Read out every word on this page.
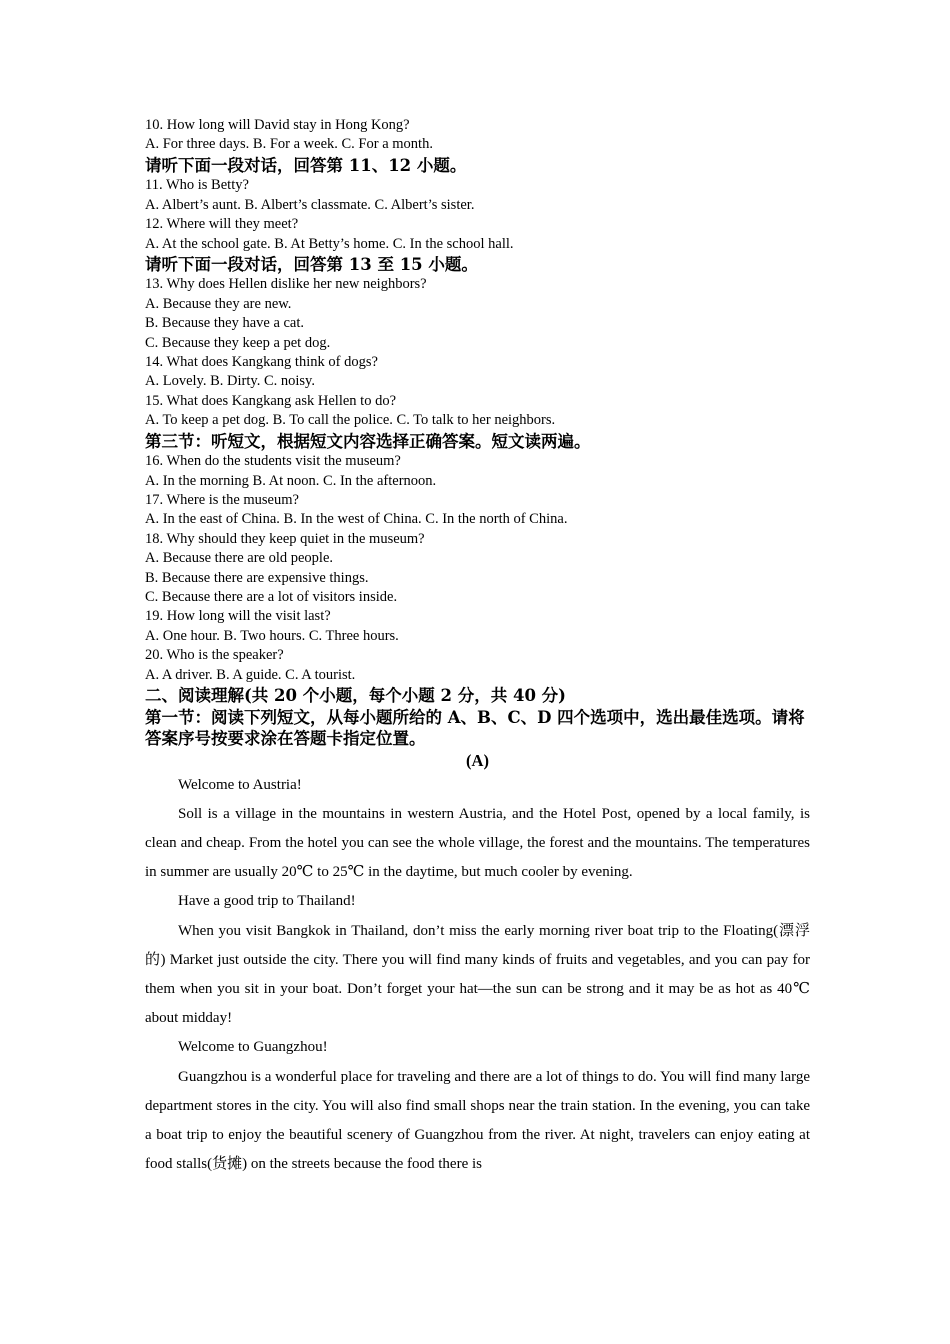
10. How long will David stay in Hong Kong?
A. For three days. B. For a week. C. For a month.
请听下面一段对话，回答第 11、12 小题。
11. Who is Betty?
A. Albert’s aunt. B. Albert’s classmate. C. Albert’s sister.
12. Where will they meet?
A. At the school gate. B. At Betty’s home. C. In the school hall.
请听下面一段对话，回答第 13 至 15 小题。
13. Why does Hellen dislike her new neighbors?
A. Because they are new.
B. Because they have a cat.
C. Because they keep a pet dog.
14. What does Kangkang think of dogs?
A. Lovely. B. Dirty. C. noisy.
15. What does Kangkang ask Hellen to do?
A. To keep a pet dog. B. To call the police. C. To talk to her neighbors.
第三节：听短文，根据短文内容选择正确答案。短文读两遍。
16. When do the students visit the museum?
A. In the morning B. At noon. C. In the afternoon.
17. Where is the museum?
A. In the east of China. B. In the west of China. C. In the north of China.
18. Why should they keep quiet in the museum?
A. Because there are old people.
B. Because there are expensive things.
C. Because there are a lot of visitors inside.
19. How long will the visit last?
A. One hour. B. Two hours. C. Three hours.
20. Who is the speaker?
A. A driver. B. A guide. C. A tourist.
二、阅读理解(共 20 个小题，每个小题 2 分，共 40 分)
第一节：阅读下列短文，从每小题所给的 A、B、C、D 四个选项中，选出最佳选项。请将答案序号按要求涂在答题卡指定位置。
(A)

Welcome to Austria!

Soll is a village in the mountains in western Austria, and the Hotel Post, opened by a local family, is clean and cheap. From the hotel you can see the whole village, the forest and the mountains. The temperatures in summer are usually 20℃ to 25℃ in the daytime, but much cooler by evening.

Have a good trip to Thailand!

When you visit Bangkok in Thailand, don’t miss the early morning river boat trip to the Floating(漂浮的) Market just outside the city. There you will find many kinds of fruits and vegetables, and you can pay for them when you sit in your boat. Don’t forget your hat—the sun can be strong and it may be as hot as 40℃ about midday!

Welcome to Guangzhou!

Guangzhou is a wonderful place for traveling and there are a lot of things to do. You will find many large department stores in the city. You will also find small shops near the train station. In the evening, you can take a boat trip to enjoy the beautiful scenery of Guangzhou from the river. At night, travelers can enjoy eating at food stalls(货摊) on the streets because the food there is
